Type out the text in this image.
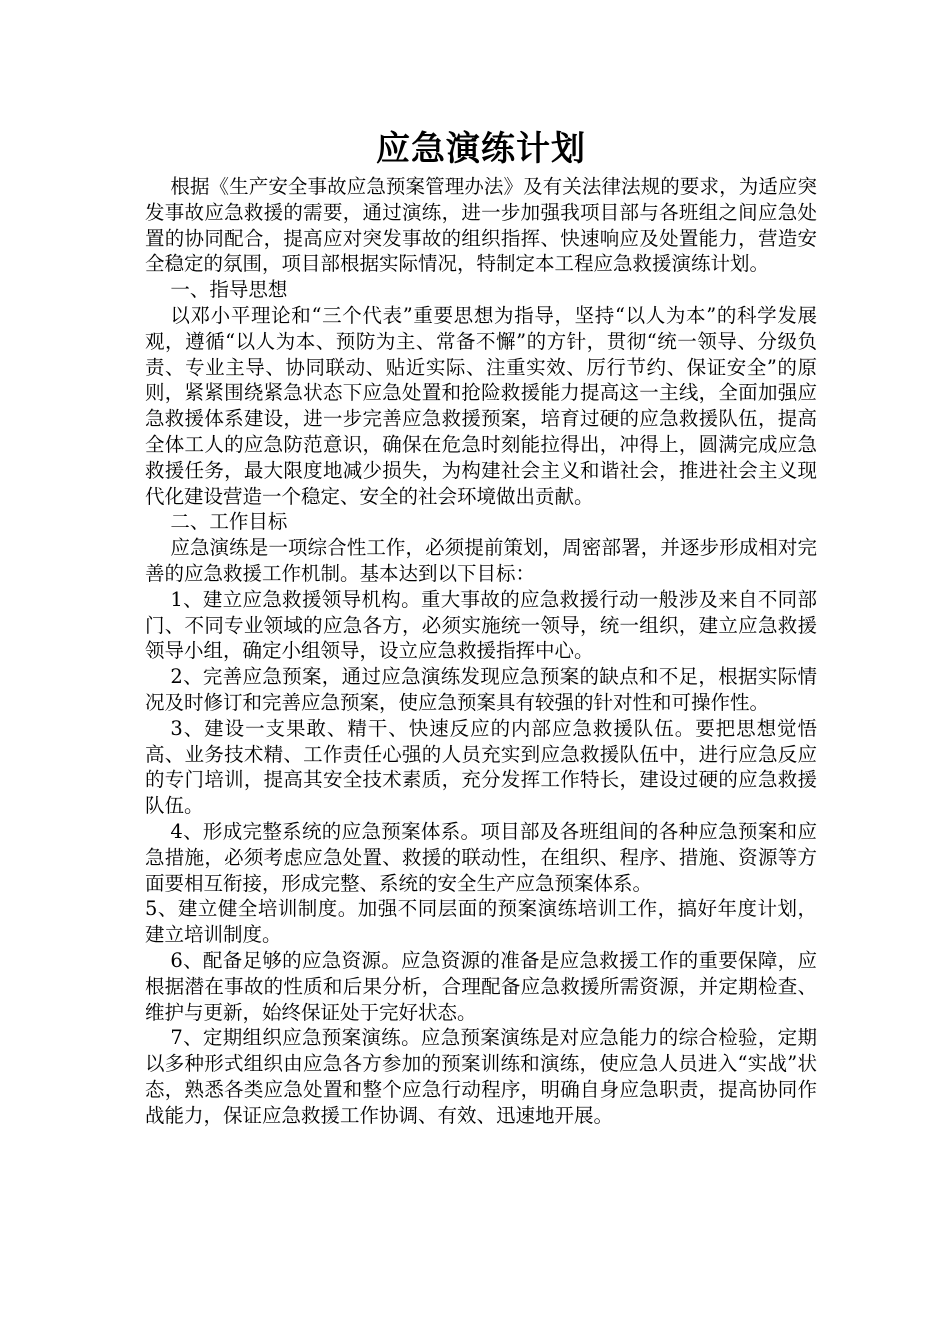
应急演练计划

根据《生产安全事故应急预案管理办法》及有关法律法规的要求，为适应突发事故应急救援的需要，通过演练，进一步加强我项目部与各班组之间应急处置的协同配合，提高应对突发事故的组织指挥、快速响应及处置能力，营造安全稳定的氛围，项目部根据实际情况，特制定本工程应急救援演练计划。

一、指导思想

以邓小平理论和“三个代表”重要思想为指导，坚持“以人为本”的科学发展观，遵循“以人为本、预防为主、常备不懈”的方针，贯彻“统一领导、分级负责、专业主导、协同联动、贴近实际、注重实效、厉行节约、保证安全”的原则，紧紧围绕紧急状态下应急处置和抢险救援能力提高这一主线，全面加强应急救援体系建设，进一步完善应急救援预案，培育过硬的应急救援队伍，提高全体工人的应急防范意识，确保在危急时刻能拉得出，冲得上，圆满完成应急救援任务，最大限度地减少损失，为构建社会主义和谐社会，推进社会主义现代化建设营造一个稳定、安全的社会环境做出贡献。

二、工作目标

应急演练是一项综合性工作，必须提前策划，周密部署，并逐步形成相对完善的应急救援工作机制。基本达到以下目标：

1、建立应急救援领导机构。重大事故的应急救援行动一般涉及来自不同部门、不同专业领域的应急各方，必须实施统一领导，统一组织，建立应急救援领导小组，确定小组领导，设立应急救援指挥中心。

2、完善应急预案，通过应急演练发现应急预案的缺点和不足，根据实际情况及时修订和完善应急预案，使应急预案具有较强的针对性和可操作性。

3、建设一支果敢、精干、快速反应的内部应急救援队伍。要把思想觉悟高、业务技术精、工作责任心强的人员充实到应急救援队伍中，进行应急反应的专门培训，提高其安全技术素质，充分发挥工作特长，建设过硬的应急救援队伍。

4、形成完整系统的应急预案体系。项目部及各班组间的各种应急预案和应急措施，必须考虑应急处置、救援的联动性，在组织、程序、措施、资源等方面要相互衔接，形成完整、系统的安全生产应急预案体系。

5、建立健全培训制度。加强不同层面的预案演练培训工作，搞好年度计划，建立培训制度。

6、配备足够的应急资源。应急资源的准备是应急救援工作的重要保障，应根据潜在事故的性质和后果分析，合理配备应急救援所需资源，并定期检查、维护与更新，始终保证处于完好状态。

7、定期组织应急预案演练。应急预案演练是对应急能力的综合检验，定期以多种形式组织由应急各方参加的预案训练和演练，使应急人员进入“实战”状态，熟悉各类应急处置和整个应急行动程序，明确自身应急职责，提高协同作战能力，保证应急救援工作协调、有效、迅速地开展。
